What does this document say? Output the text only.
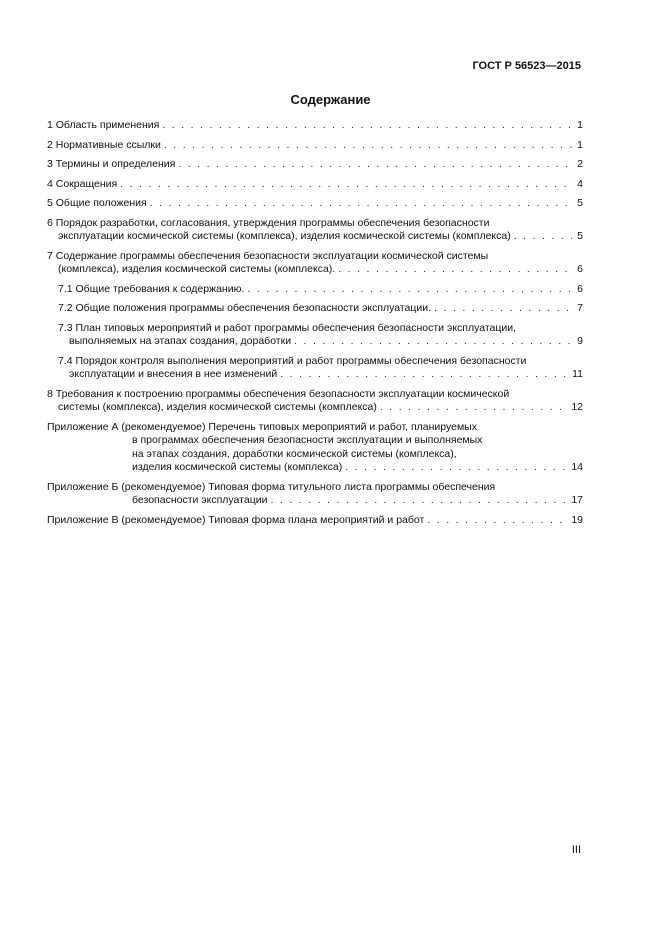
ГОСТ Р 56523—2015
Содержание
1 Область применения . . .	1
2 Нормативные ссылки . . .	1
3 Термины и определения . . .	2
4 Сокращения . . .	4
5 Общие положения . . .	5
6 Порядок разработки, согласования, утверждения программы обеспечения безопасности
эксплуатации космической системы (комплекса), изделия космической системы (комплекса) . . .	5
7 Содержание программы обеспечения безопасности эксплуатации космической системы
(комплекса), изделия космической системы (комплекса). . . .	6
7.1 Общие требования к содержанию. . . .	6
7.2 Общие положения программы обеспечения безопасности эксплуатации. . . .	7
7.3 План типовых мероприятий и работ программы обеспечения безопасности эксплуатации,
выполняемых на этапах создания, доработки . . .	9
7.4 Порядок контроля выполнения мероприятий и работ программы обеспечения безопасности
эксплуатации и внесения в нее изменений . . .	11
8 Требования к построению программы обеспечения безопасности эксплуатации космической
системы (комплекса), изделия космической системы (комплекса) . . .	12
Приложение А (рекомендуемое) Перечень типовых мероприятий и работ, планируемых
в программах обеспечения безопасности эксплуатации и выполняемых
на этапах создания, доработки космической системы (комплекса),
изделия космической системы (комплекса) . . .	14
Приложение Б (рекомендуемое) Типовая форма титульного листа программы обеспечения
безопасности эксплуатации . . .	17
Приложение В (рекомендуемое) Типовая форма плана мероприятий и работ . . .	19
III
